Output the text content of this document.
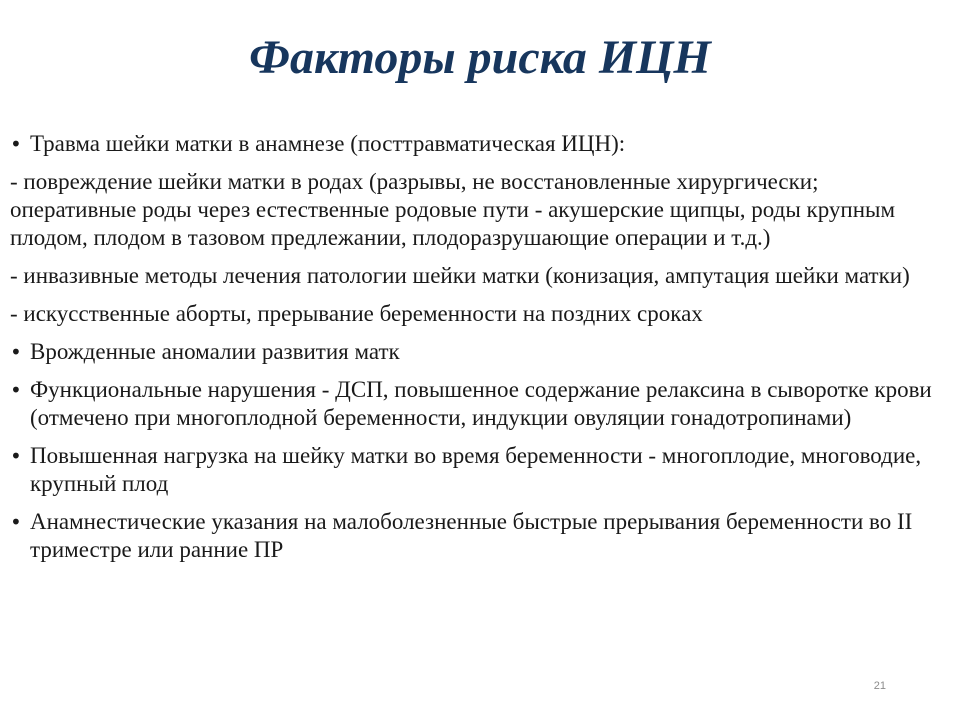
Факторы риска ИЦН
• Травма шейки матки в анамнезе (посттравматическая ИЦН):
- повреждение шейки матки в родах (разрывы, не восстановленные хирургически; оперативные роды через естественные родовые пути - акушерские щипцы, роды крупным плодом, плодом в тазовом предлежании, плодоразрушающие операции и т.д.)
- инвазивные методы лечения патологии шейки матки (конизация, ампутация шейки матки)
- искусственные аборты, прерывание беременности на поздних сроках
• Врожденные аномалии развития матк
• Функциональные нарушения - ДСП, повышенное содержание релаксина в сыворотке крови (отмечено при многоплодной беременности, индукции овуляции гонадотропинами)
• Повышенная нагрузка на шейку матки во время беременности - многоплодие, многоводие, крупный плод
• Анамнестические указания на малоболезненные быстрые прерывания беременности во II триместре или ранние ПР
21
